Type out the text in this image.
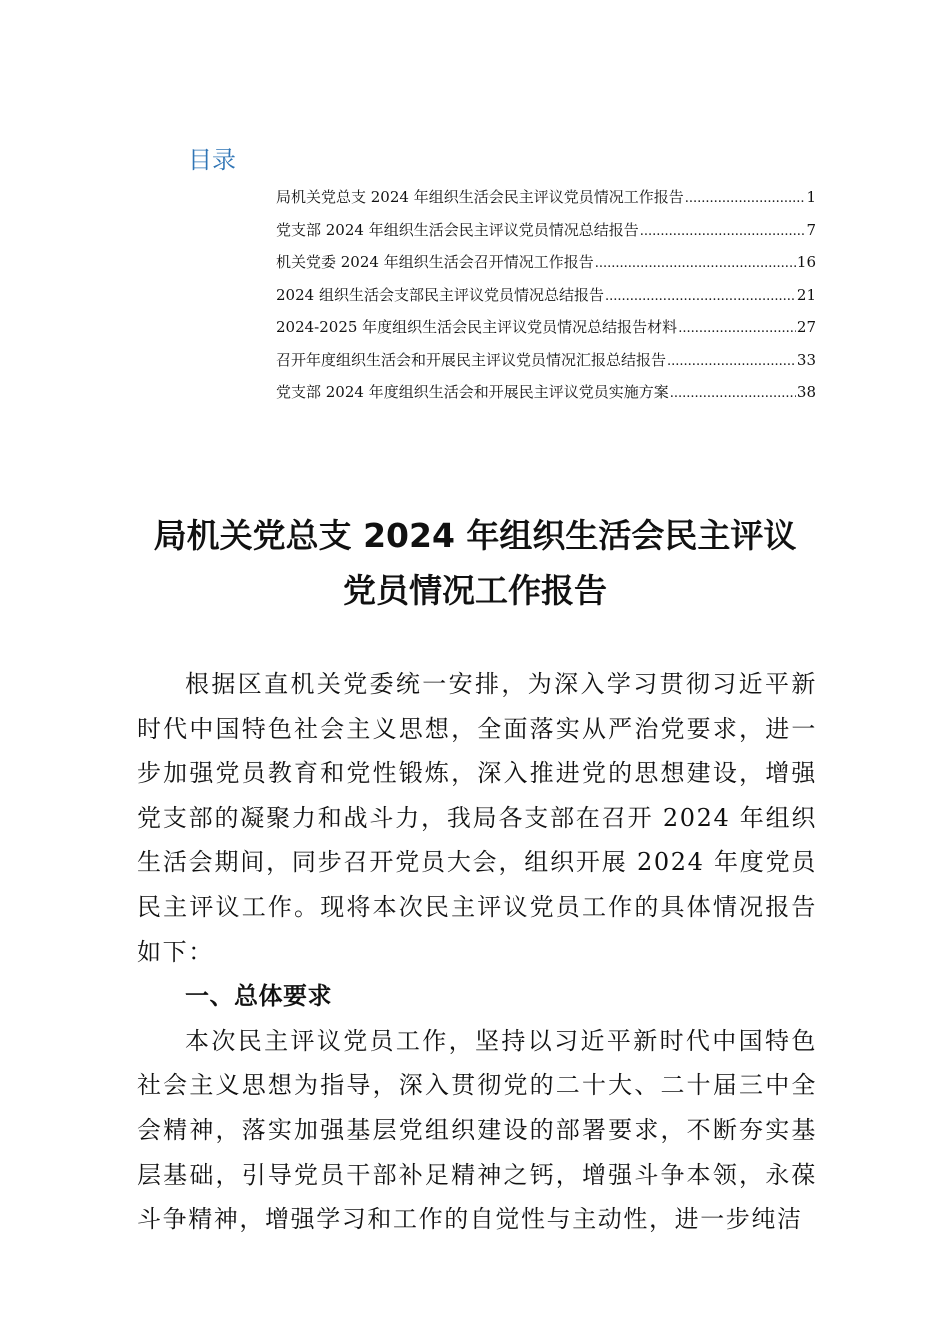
目录
局机关党总支 2024 年组织生活会民主评议党员情况工作报告 .....	1
党支部 2024 年组织生活会民主评议党员情况总结报告 .....	7
机关党委 2024 年组织生活会召开情况工作报告 .....	16
2024 组织生活会支部民主评议党员情况总结报告 .....	21
2024-2025 年度组织生活会民主评议党员情况总结报告材料 .....	27
召开年度组织生活会和开展民主评议党员情况汇报总结报告 .....	33
党支部 2024 年度组织生活会和开展民主评议党员实施方案 .....	38
局机关党总支 2024 年组织生活会民主评议
党员情况工作报告

根据区直机关党委统一安排，为深入学习贯彻习近平新时代中国特色社会主义思想，全面落实从严治党要求，进一步加强党员教育和党性锻炼，深入推进党的思想建设，增强党支部的凝聚力和战斗力，我局各支部在召开 2024 年组织生活会期间，同步召开党员大会，组织开展 2024 年度党员民主评议工作。现将本次民主评议党员工作的具体情况报告如下：

一、总体要求

本次民主评议党员工作，坚持以习近平新时代中国特色社会主义思想为指导，深入贯彻党的二十大、二十届三中全会精神，落实加强基层党组织建设的部署要求，不断夯实基层基础，引导党员干部补足精神之钙，增强斗争本领，永葆斗争精神，增强学习和工作的自觉性与主动性，进一步纯洁
